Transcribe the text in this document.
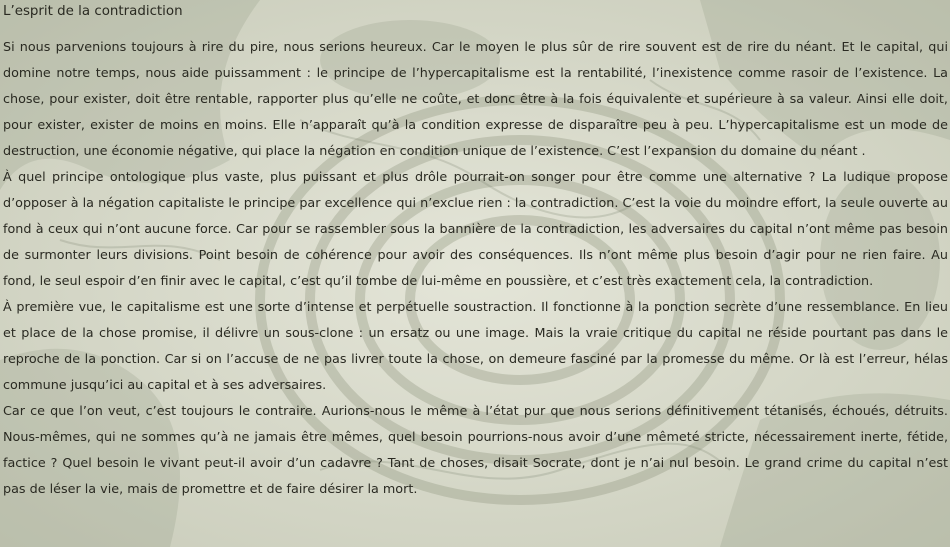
L’esprit de la contradiction

Si nous parvenions toujours à rire du pire, nous serions heureux. Car le moyen le plus sûr de rire souvent est de rire du néant. Et le capital, qui domine notre temps, nous aide puissamment : le principe de l’hypercapitalisme est la rentabilité, l’inexistence comme rasoir de l’existence. La chose, pour exister, doit être rentable, rapporter plus qu’elle ne coûte, et donc être à la fois équivalente et supérieure à sa valeur. Ainsi elle doit, pour exister, exister de moins en moins. Elle n’apparaît qu’à la condition expresse de disparaître peu à peu. L’hypercapitalisme est un mode de destruction, une économie négative, qui place la négation en condition unique de l’existence. C’est l’expansion du domaine du néant .

À quel principe ontologique plus vaste, plus puissant et plus drôle pourrait-on songer pour être comme une alternative ? La ludique propose d’opposer à la négation capitaliste le principe par excellence qui n’exclue rien : la contradiction. C’est la voie du moindre effort, la seule ouverte au fond à ceux qui n’ont aucune force. Car pour se rassembler sous la bannière de la contradiction, les adversaires du capital n’ont même pas besoin de surmonter leurs divisions. Point besoin de cohérence pour avoir des conséquences. Ils n’ont même plus besoin d’agir pour ne rien faire. Au fond, le seul espoir d’en finir avec le capital, c’est qu’il tombe de lui-même en poussière, et c’est très exactement cela, la contradiction.

À première vue, le capitalisme est une sorte d’intense et perpétuelle soustraction. Il fonctionne à la ponction secrète d’une ressemblance. En lieu et place de la chose promise, il délivre un sous-clone : un ersatz ou une image. Mais la vraie critique du capital ne réside pourtant pas dans le reproche de la ponction. Car si on l’accuse de ne pas livrer toute la chose, on demeure fasciné par la promesse du même. Or là est l’erreur, hélas commune jusqu’ici au capital et à ses adversaires.

Car ce que l’on veut, c’est toujours le contraire. Aurions-nous le même à l’état pur que nous serions définitivement tétanisés, échoués, détruits. Nous-mêmes, qui ne sommes qu’à ne jamais être mêmes, quel besoin pourrions-nous avoir d’une mêmeté stricte, nécessairement inerte, fétide, factice ? Quel besoin le vivant peut-il avoir d’un cadavre ? Tant de choses, disait Socrate, dont je n’ai nul besoin. Le grand crime du capital n’est pas de léser la vie, mais de promettre et de faire désirer la mort.
